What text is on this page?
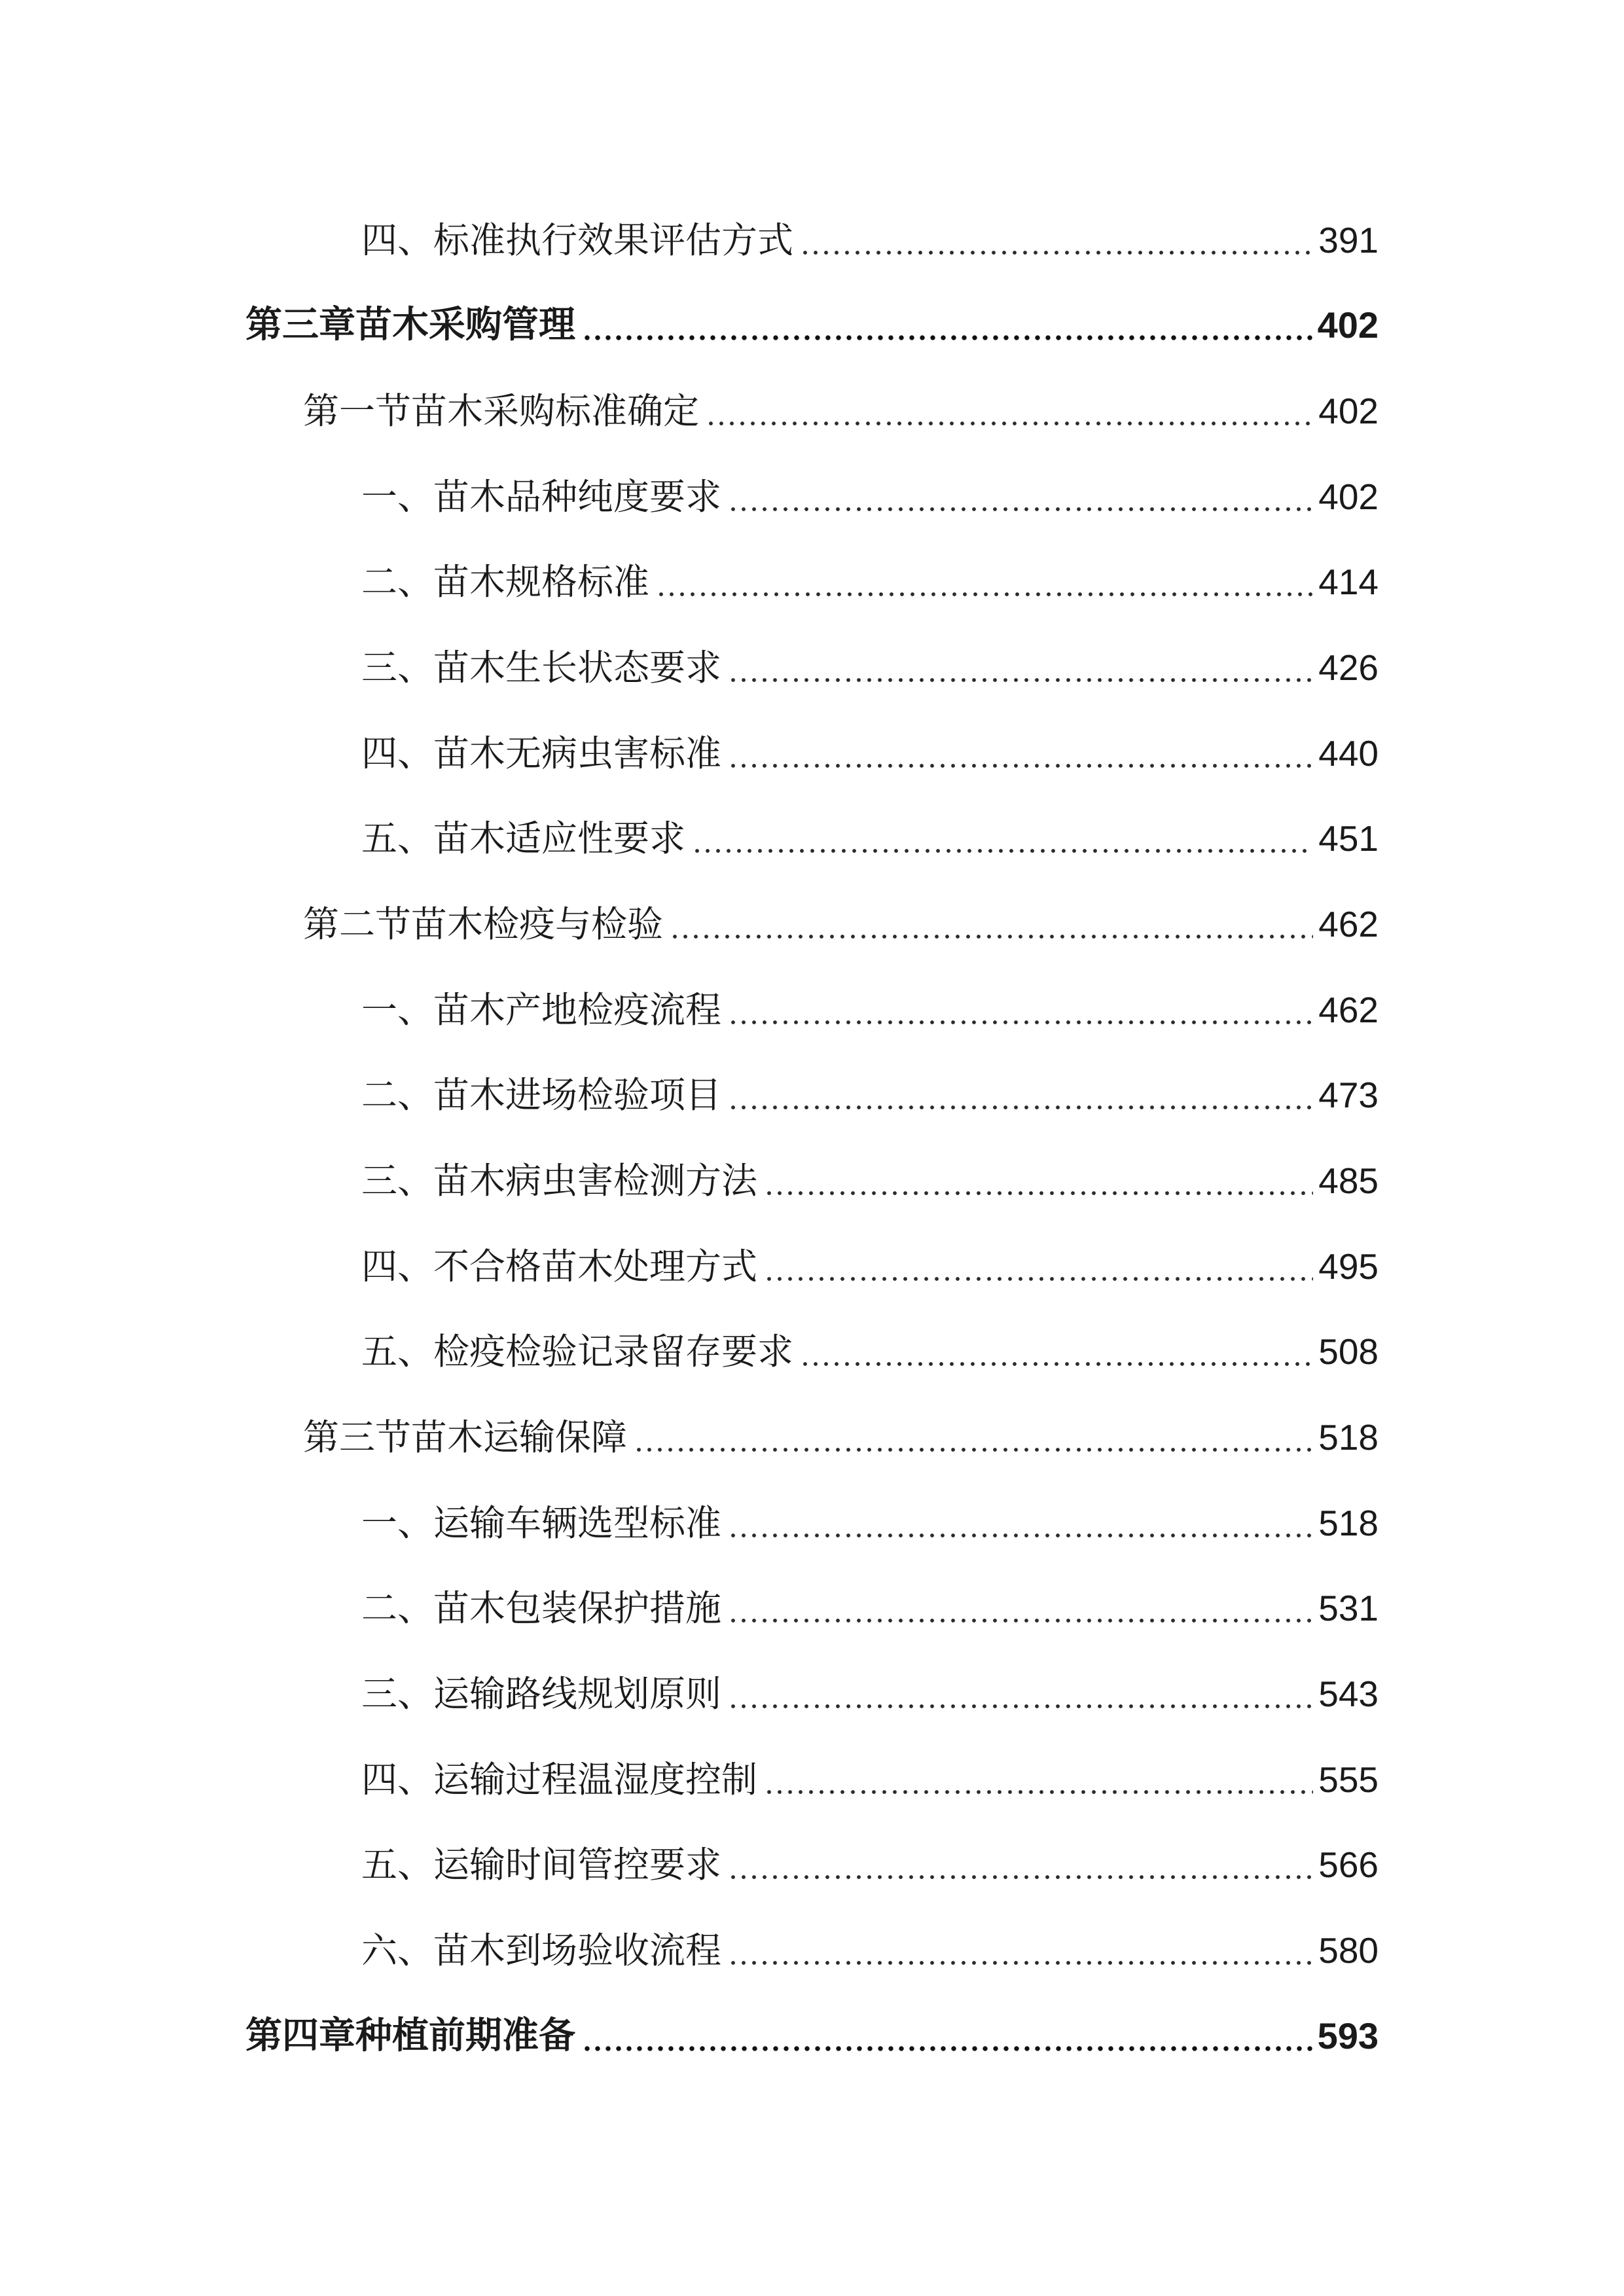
四、标准执行效果评估方式	391
第三章苗木采购管理	402
第一节苗木采购标准确定	402
一、苗木品种纯度要求	402
二、苗木规格标准	414
三、苗木生长状态要求	426
四、苗木无病虫害标准	440
五、苗木适应性要求	451
第二节苗木检疫与检验	462
一、苗木产地检疫流程	462
二、苗木进场检验项目	473
三、苗木病虫害检测方法	485
四、不合格苗木处理方式	495
五、检疫检验记录留存要求	508
第三节苗木运输保障	518
一、运输车辆选型标准	518
二、苗木包装保护措施	531
三、运输路线规划原则	543
四、运输过程温湿度控制	555
五、运输时间管控要求	566
六、苗木到场验收流程	580
第四章种植前期准备	593
